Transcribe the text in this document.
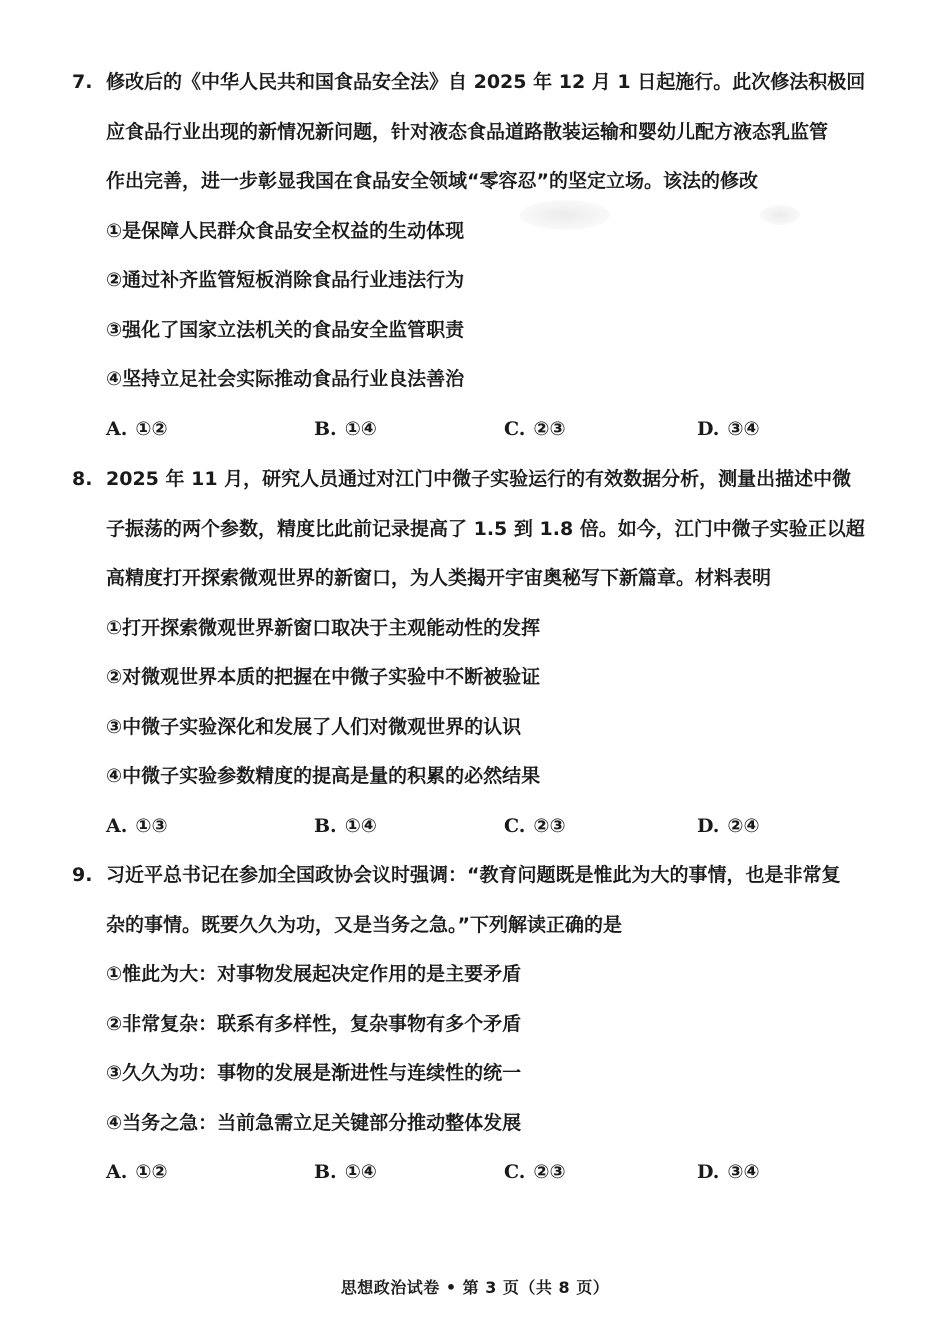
7. 修改后的《中华人民共和国食品安全法》自 2025 年 12 月 1 日起施行。此次修法积极回
应食品行业出现的新情况新问题，针对液态食品道路散装运输和婴幼儿配方液态乳监管
作出完善，进一步彰显我国在食品安全领域“零容忍”的坚定立场。该法的修改
①是保障人民群众食品安全权益的生动体现
②通过补齐监管短板消除食品行业违法行为
③强化了国家立法机关的食品安全监管职责
④坚持立足社会实际推动食品行业良法善治
A. ①②	B. ①④	C. ②③	D. ③④
8. 2025 年 11 月，研究人员通过对江门中微子实验运行的有效数据分析，测量出描述中微
子振荡的两个参数，精度比此前记录提高了 1.5 到 1.8 倍。如今，江门中微子实验正以超
高精度打开探索微观世界的新窗口，为人类揭开宇宙奥秘写下新篇章。材料表明
①打开探索微观世界新窗口取决于主观能动性的发挥
②对微观世界本质的把握在中微子实验中不断被验证
③中微子实验深化和发展了人们对微观世界的认识
④中微子实验参数精度的提高是量的积累的必然结果
A. ①③	B. ①④	C. ②③	D. ②④
9. 习近平总书记在参加全国政协会议时强调：“教育问题既是惟此为大的事情，也是非常复
杂的事情。既要久久为功，又是当务之急。”下列解读正确的是
①惟此为大：对事物发展起决定作用的是主要矛盾
②非常复杂：联系有多样性，复杂事物有多个矛盾
③久久为功：事物的发展是渐进性与连续性的统一
④当务之急：当前急需立足关键部分推动整体发展
A. ①②	B. ①④	C. ②③	D. ③④
思想政治试卷 • 第 3 页（共 8 页）
